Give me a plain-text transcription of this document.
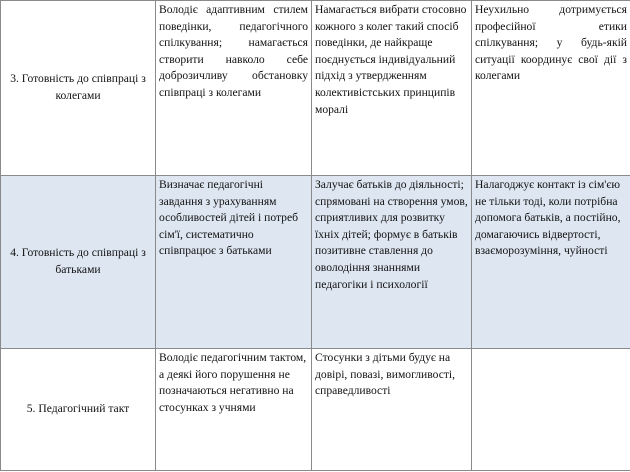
3. Готовність до співпраці з колегами	Володіє адаптивним стилем поведінки, педагогічного спілкування; намагається створити навколо себе доброзичливу обстановку співпраці з колегами	Намагається вибрати стосовно кожного з колег такий спосіб поведінки, де найкраще поєднується індивідуальний підхід з утвердженням колективістських принципів моралі	Неухильно дотримується професійної етики спілкування; у будь-якій ситуації координує свої дії з колегами
4. Готовність до співпраці з батьками	Визначає педагогічні завдання з урахуванням особливостей дітей і потреб сім'ї, систематично співпрацює з батьками	Залучає батьків до діяльності; спрямовані на створення умов, сприятливих для розвитку їхніх дітей; формує в батьків позитивне ставлення до оволодіння знаннями педагогіки і психології	Налагоджує контакт із сім'єю не тільки тоді, коли потрібна допомога батьків, а постійно, домагаючись відвертості, взаєморозуміння, чуйності
5. Педагогічний такт	Володіє педагогічним тактом, а деякі його порушення не позначаються негативно на стосунках з учнями	Стосунки з дітьми будує на довірі, повазі, вимогливості, справедливості	
